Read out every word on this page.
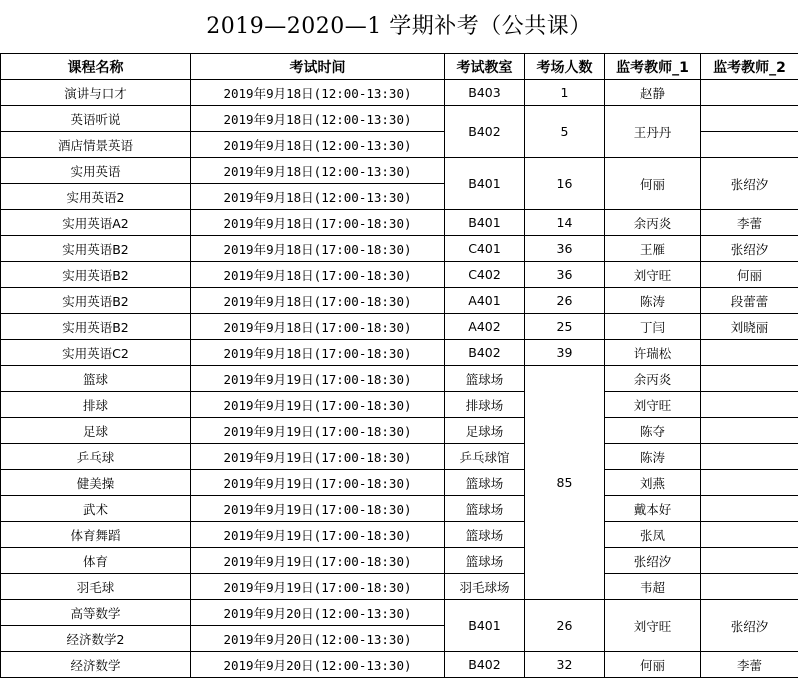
2019—2020—1 学期补考（公共课）
课程名称	考试时间	考试教室	考场人数	监考教师_1	监考教师_2
演讲与口才	2019年9月18日(12:00-13:30)	B403	1	赵静	
英语听说	2019年9月18日(12:00-13:30)	B402	5	王丹丹	
酒店情景英语	2019年9月18日(12:00-13:30)				
实用英语	2019年9月18日(12:00-13:30)	B401	16	何丽	张绍汐
实用英语2	2019年9月18日(12:00-13:30)				
实用英语A2	2019年9月18日(17:00-18:30)	B401	14	余丙炎	李蕾
实用英语B2	2019年9月18日(17:00-18:30)	C401	36	王雁	张绍汐
实用英语B2	2019年9月18日(17:00-18:30)	C402	36	刘守旺	何丽
实用英语B2	2019年9月18日(17:00-18:30)	A401	26	陈涛	段蕾蕾
实用英语B2	2019年9月18日(17:00-18:30)	A402	25	丁闫	刘晓丽
实用英语C2	2019年9月18日(17:00-18:30)	B402	39	许瑞松	
篮球	2019年9月19日(17:00-18:30)	篮球场	85	余丙炎	
排球	2019年9月19日(17:00-18:30)	排球场		刘守旺	
足球	2019年9月19日(17:00-18:30)	足球场		陈夺	
乒乓球	2019年9月19日(17:00-18:30)	乒乓球馆		陈涛	
健美操	2019年9月19日(17:00-18:30)	篮球场		刘燕	
武术	2019年9月19日(17:00-18:30)	篮球场		戴本好	
体育舞蹈	2019年9月19日(17:00-18:30)	篮球场		张凤	
体育	2019年9月19日(17:00-18:30)	篮球场		张绍汐	
羽毛球	2019年9月19日(17:00-18:30)	羽毛球场		韦超	
高等数学	2019年9月20日(12:00-13:30)	B401	26	刘守旺	张绍汐
经济数学2	2019年9月20日(12:00-13:30)				
经济数学	2019年9月20日(12:00-13:30)	B402	32	何丽	李蕾
